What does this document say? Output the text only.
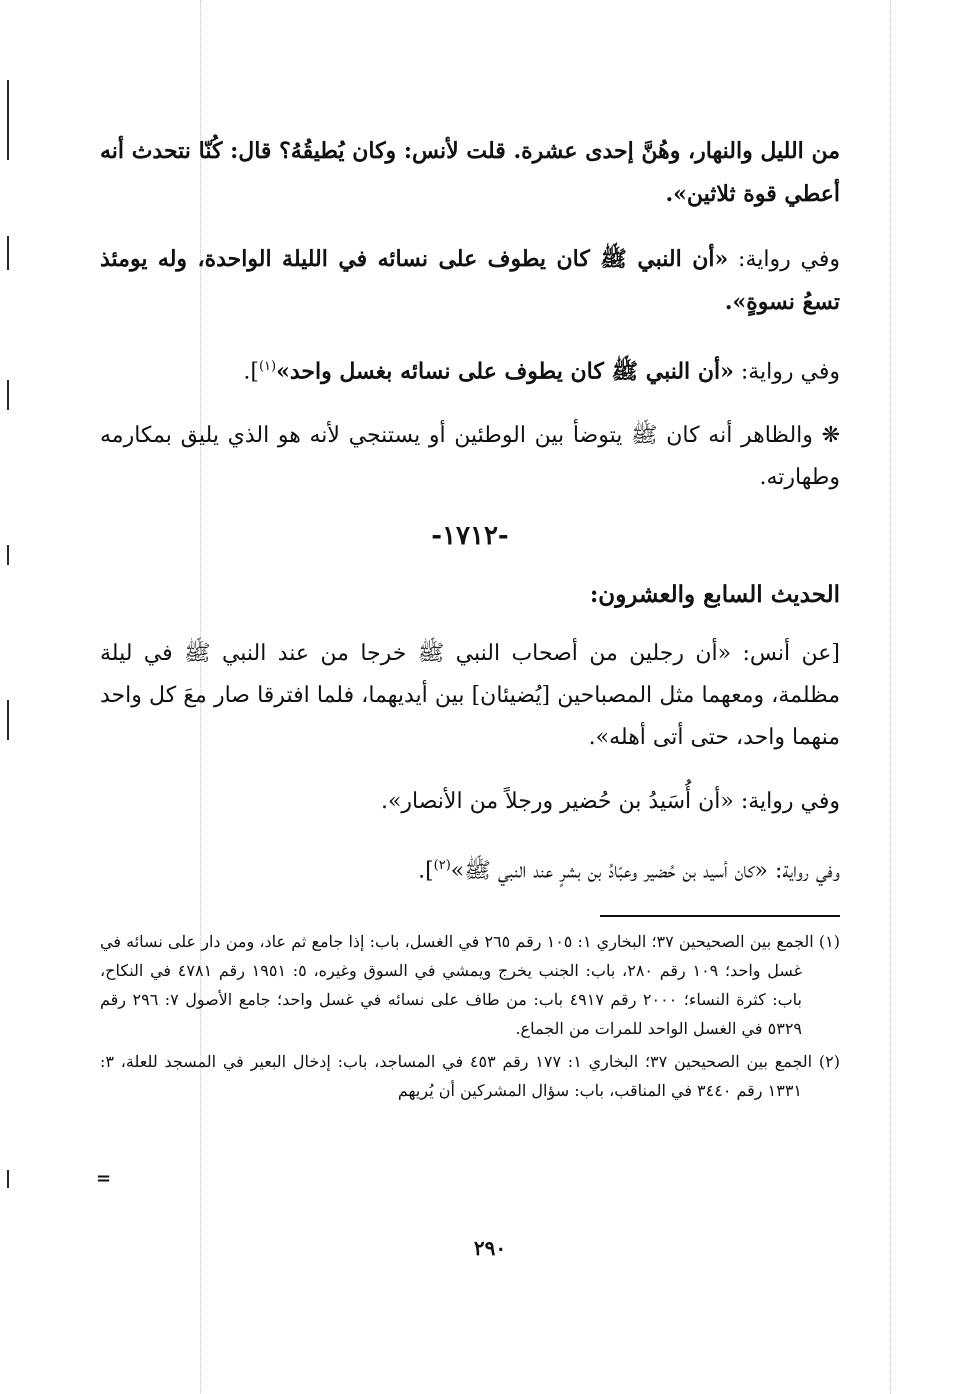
من الليل والنهار، وهُنَّ إحدى عشرة. قلت لأنس: وكان يُطيقُهُ؟ قال: كُنّا نتحدث أنه أعطي قوة ثلاثين».

وفي رواية: «أن النبي ﷺ كان يطوف على نسائه في الليلة الواحدة، وله يومئذ تسعُ نسوةٍ».

وفي رواية: «أن النبي ﷺ كان يطوف على نسائه بغسل واحد»$^{(١)}$].

❋ والظاهر أنه كان ﷺ يتوضأ بين الوطئين أو يستنجي لأنه هو الذي يليق بمكارمه وطهارته.

-١٧١٢-
الحديث السابع والعشرون:

[عن أنس: «أن رجلين من أصحاب النبي ﷺ خرجا من عند النبي ﷺ في ليلة مظلمة، ومعهما مثل المصباحين [يُضيئان] بين أيديهما، فلما افترقا صار معَ كل واحد منهما واحد، حتى أتى أهله».

وفي رواية: «أن أُسَيدُ بن حُضير ورجلاً من الأنصار».

وفي رواية: «كان أسيد بن حُضير وعبّادُ بن بشرٍ عند النبي ﷺ»$^{(٢)}$].

(١) الجمع بين الصحيحين ٣٧؛ البخاري ١: ١٠٥ رقم ٢٦٥ في الغسل، باب: إذا جامع ثم عاد، ومن دار على نسائه في غسل واحد؛ ١٠٩ رقم ٢٨٠، باب: الجنب يخرج ويمشي في السوق وغيره، ٥: ١٩٥١ رقم ٤٧٨١ في النكاح، باب: كثرة النساء؛ ٢٠٠٠ رقم ٤٩١٧ باب: من طاف على نسائه في غسل واحد؛ جامع الأصول ٧: ٢٩٦ رقم ٥٣٢٩ في الغسل الواحد للمرات من الجماع.

(٢) الجمع بين الصحيحين ٣٧؛ البخاري ١: ١٧٧ رقم ٤٥٣ في المساجد، باب: إدخال البعير في المسجد للعلة، ٣: ١٣٣١ رقم ٣٤٤٠ في المناقب، باب: سؤال المشركين أن يُريهم

=
٢٩٠
